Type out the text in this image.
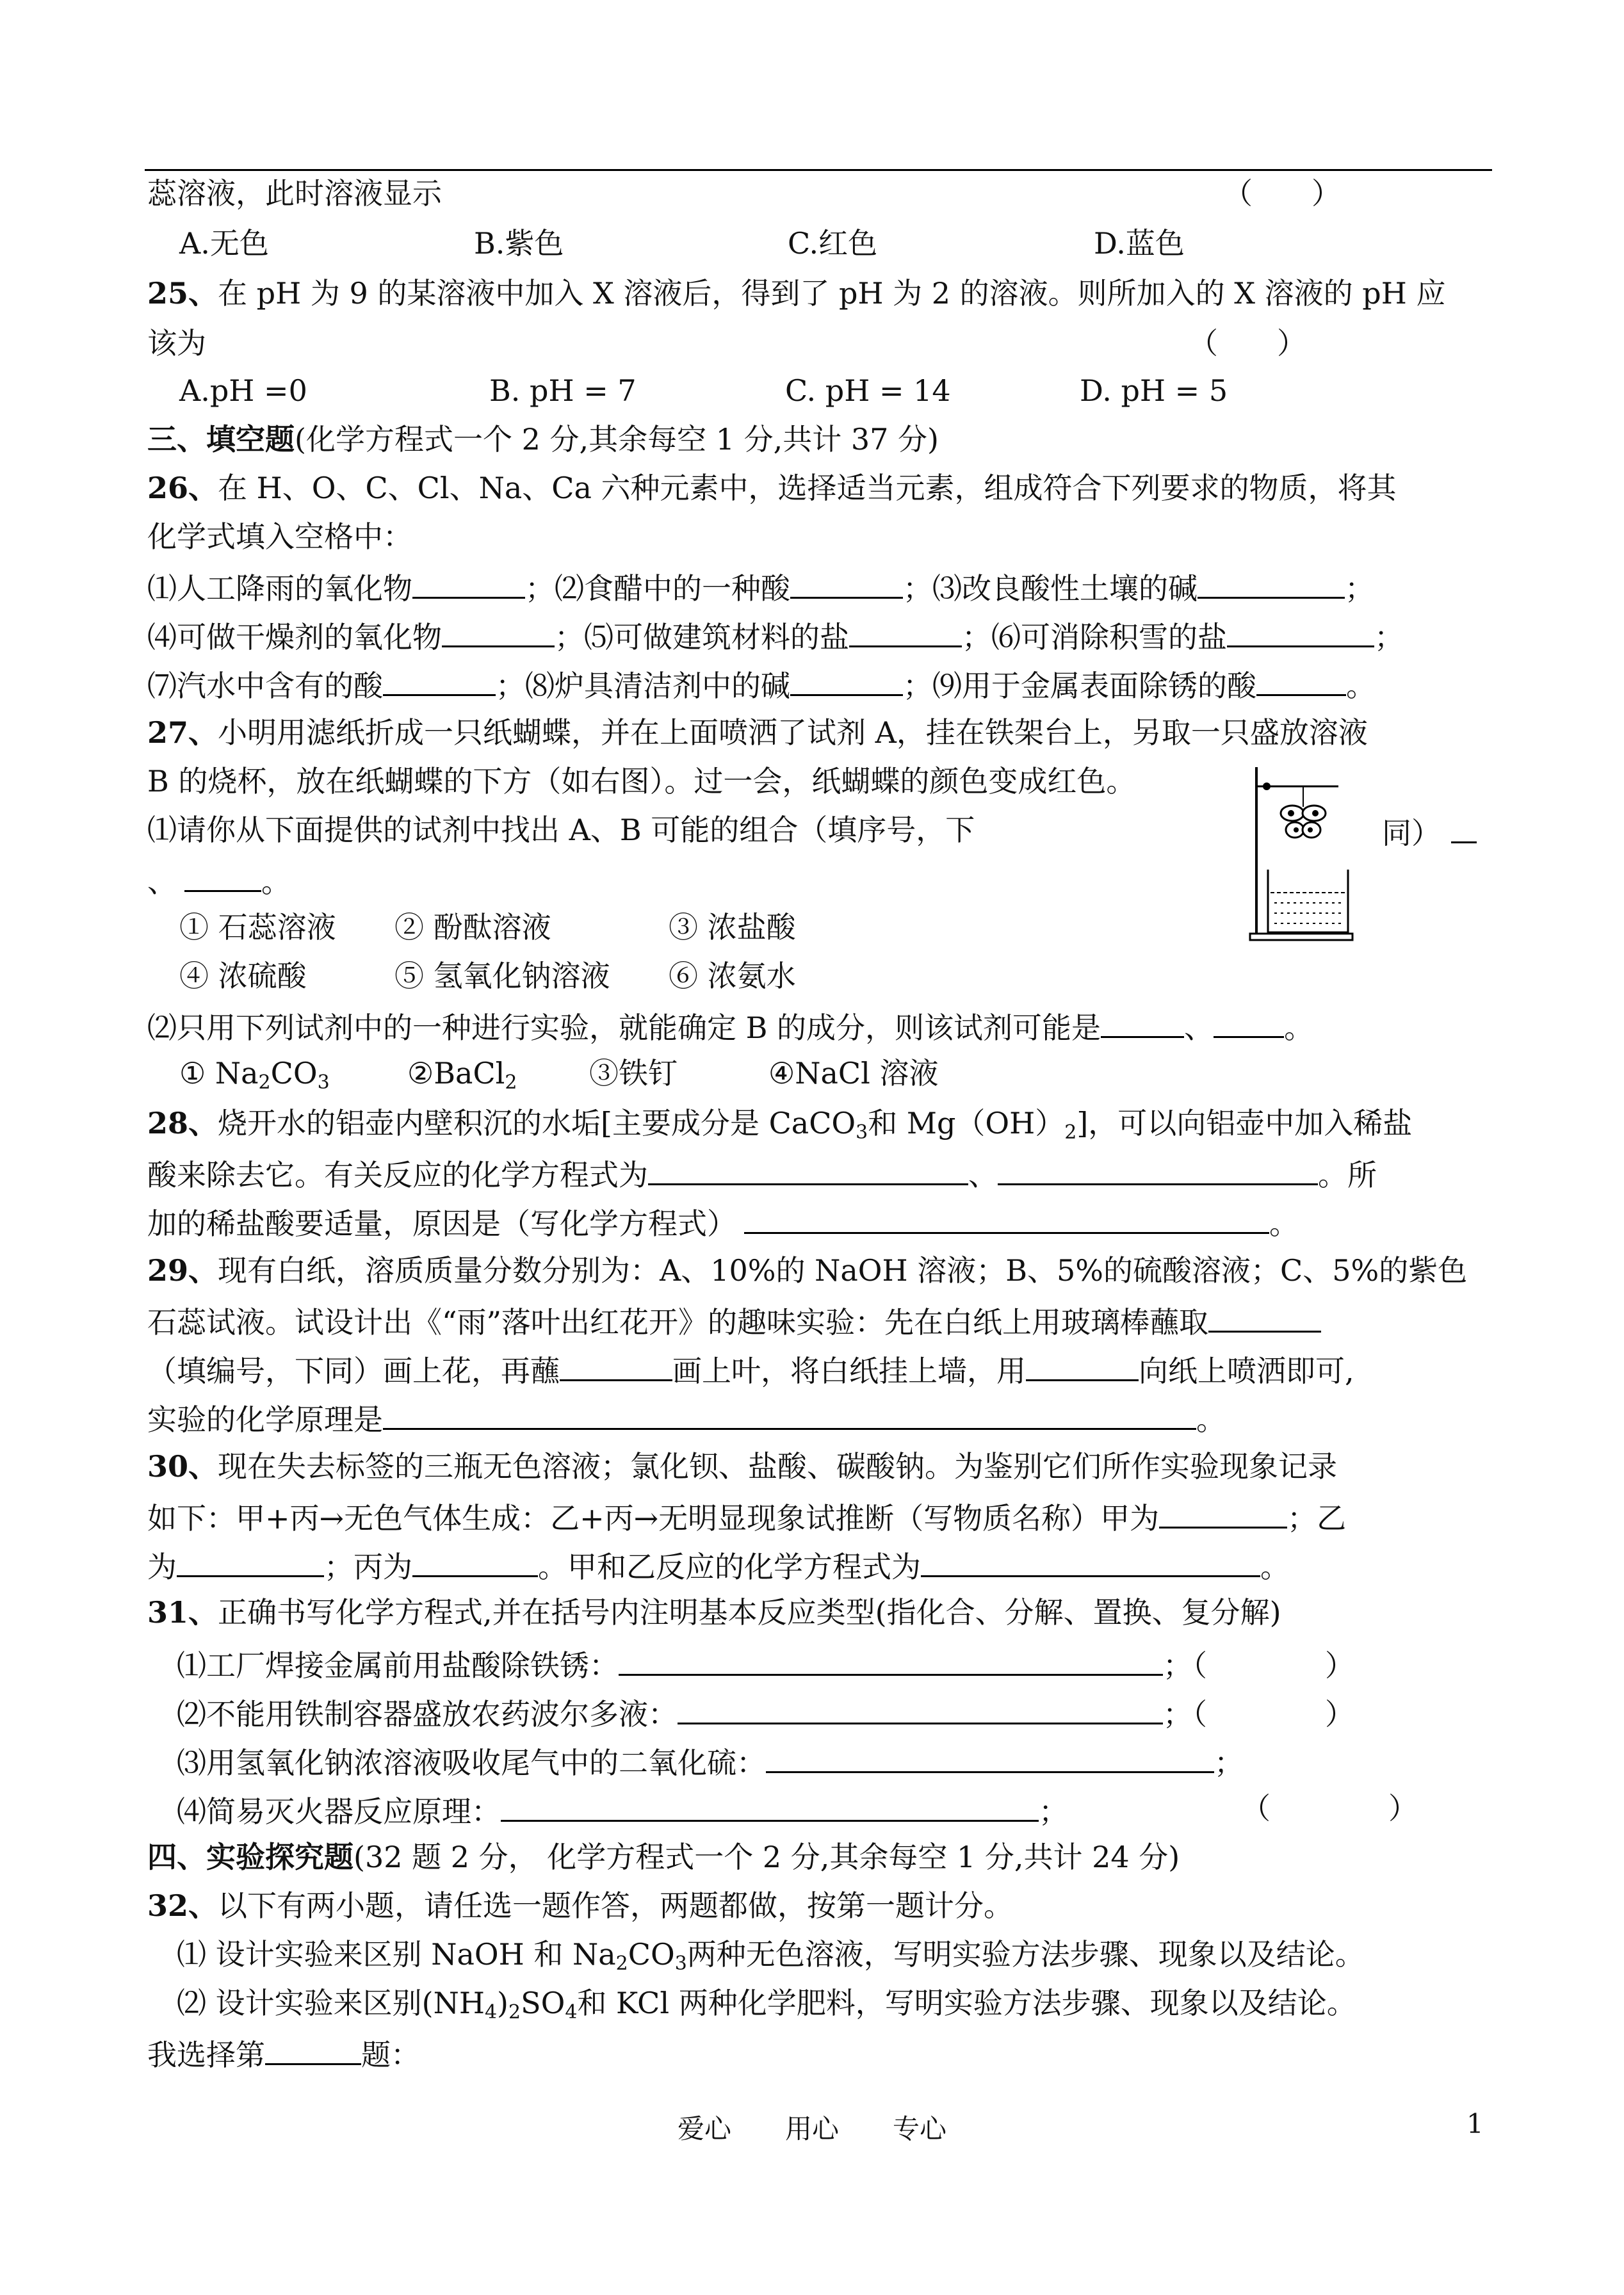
蕊溶液，此时溶液显示	（　　）
A.无色	B.紫色	C.红色	D.蓝色
25、在 pH 为 9 的某溶液中加入 X 溶液后，得到了 pH 为 2 的溶液。则所加入的 X 溶液的 pH 应
该为	（　　）
A.pH =0	B. pH = 7	C. pH = 14	D. pH = 5
三、填空题(化学方程式一个 2 分,其余每空 1 分,共计 37 分)
26、在 H、O、C、Cl、Na、Ca 六种元素中，选择适当元素，组成符合下列要求的物质，将其
化学式填入空格中：
⑴人工降雨的氧化物	；⑵食醋中的一种酸	；⑶改良酸性土壤的碱	；
⑷可做干燥剂的氧化物	；⑸可做建筑材料的盐	；⑹可消除积雪的盐	；
⑺汽水中含有的酸	；⑻炉具清洁剂中的碱	；⑼用于金属表面除锈的酸	。
27、小明用滤纸折成一只纸蝴蝶，并在上面喷洒了试剂 A，挂在铁架台上，另取一只盛放溶液
B 的烧杯，放在纸蝴蝶的下方（如右图）。过一会，纸蝴蝶的颜色变成红色。
⑴请你从下面提供的试剂中找出 A、B 可能的组合（填序号，下	同）
、	。
① 石蕊溶液 ② 酚酞溶液	③ 浓盐酸
④ 浓硫酸	⑤ 氢氧化钠溶液 ⑥ 浓氨水
⑵只用下列试剂中的一种进行实验，就能确定 B 的成分，则该试剂可能是	、 。
① $Na_2CO_3$	②BaCl$_2$ ③铁钉	④NaCl 溶液
28、烧开水的铝壶内壁积沉的水垢[主要成分是 CaCO$_3$和 $Mg(OH)_2$]，可以向铝壶中加入稀盐
酸来除去它。有关反应的化学方程式为	、	。所
加的稀盐酸要适量，原因是（写化学方程式）	。
29、现有白纸，溶质质量分数分别为：A、10%的 NaOH 溶液；B、5%的硫酸溶液；C、5%的紫色
石蕊试液。试设计出《“雨”落叶出红花开》的趣味实验：先在白纸上用玻璃棒蘸取
（填编号，下同）画上花，再蘸	画上叶，将白纸挂上墙，用	向纸上喷洒即可,
实验的化学原理是	。
30、现在失去标签的三瓶无色溶液；氯化钡、盐酸、碳酸钠。为鉴别它们所作实验现象记录
如下：甲+丙→无色气体生成：乙+丙→无明显现象试推断（写物质名称）甲为	；乙
为	；丙为	。甲和乙反应的化学方程式为	。
31、正确书写化学方程式,并在括号内注明基本反应类型(指化合、分解、置换、复分解)
⑴工厂焊接金属前用盐酸除铁锈：	；（　　　　）
⑵不能用铁制容器盛放农药波尔多液：	；（　　　　）
⑶用氢氧化钠浓溶液吸收尾气中的二氧化硫：	；
⑷简易灭火器反应原理：	；	（　　　　）
四、实验探究题(32 题 2 分， 化学方程式一个 2 分,其余每空 1 分,共计 24 分)
32、以下有两小题，请任选一题作答，两题都做，按第一题计分。
⑴ 设计实验来区别 NaOH 和 $Na_2CO_3$两种无色溶液，写明实验方法步骤、现象以及结论。
⑵ 设计实验来区别$(NH_4)_2SO_4$和 KCl 两种化学肥料，写明实验方法步骤、现象以及结论。
我选择第	题：
爱心　　用心　　专心	1
